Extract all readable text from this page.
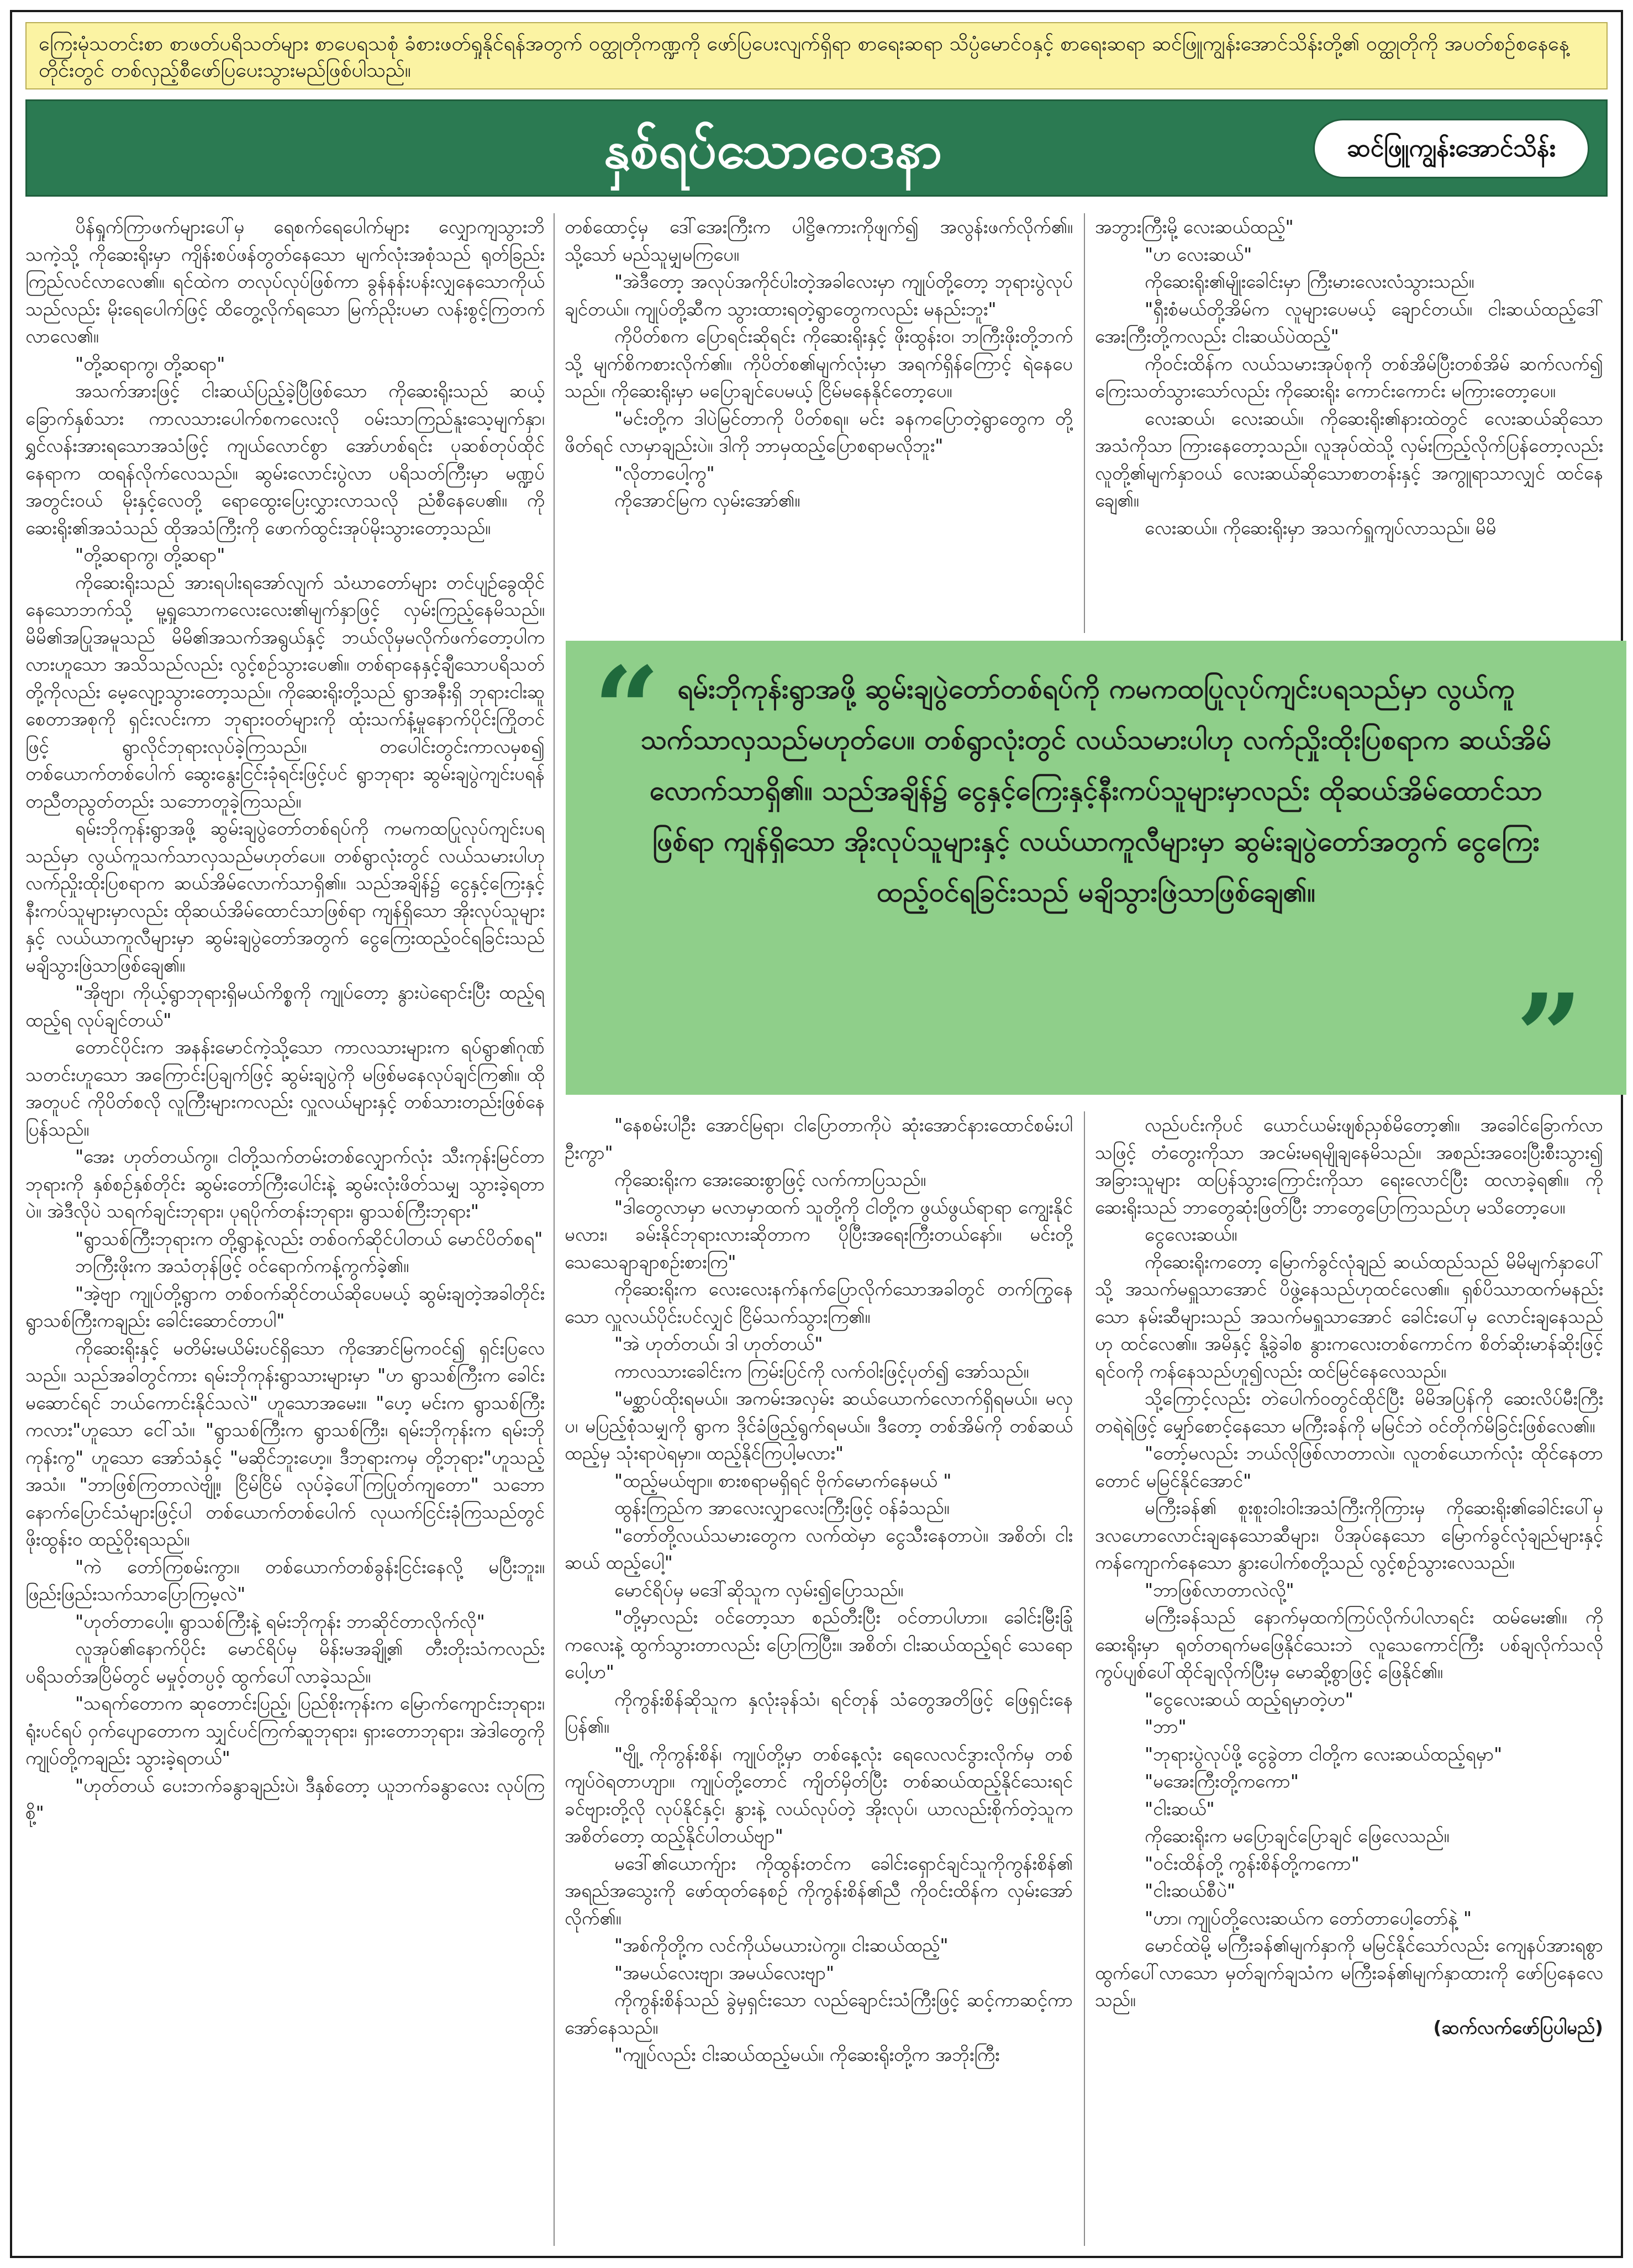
ကြေးမုံသတင်းစာ စာဖတ်ပရိသတ်များ စာပေရသစုံ ခံစားဖတ်ရှုနိုင်ရန်အတွက် ဝတ္ထုတိုကဏ္ဍကို ဖော်ပြပေးလျက်ရှိရာ စာရေးဆရာ သိပ္ပံမောင်ဝနှင့် စာရေးဆရာ ဆင်ဖြူကျွန်းအောင်သိန်းတို့၏ ဝတ္ထုတိုကို အပတ်စဉ်စနေနေ့တိုင်းတွင် တစ်လှည့်စီဖော်ပြပေးသွားမည်ဖြစ်ပါသည်။
နှစ်ရပ်သောဝေဒနာ	ဆင်ဖြူကျွန်းအောင်သိန်း

ပိန်ရှုက်ကြာဖက်များပေါ်မှ ရေစက်ရေပေါက်များ လျှောကျသွားဘိသကဲ့သို့ ကိုဆေးရိုးမှာ ကျိန်းစပ်ဖန်တွတ်နေသော မျက်လုံးအစုံသည် ရုတ်ခြည်းကြည်လင်လာလေ၏။ ရင်ထဲက တလုပ်လုပ်ဖြစ်ကာ ခွန်နန်းပန်းလျှနေသောကိုယ်သည်လည်း မိုးရေပေါက်ဖြင့် ထိတွေ့လိုက်ရသော မြက်ညိုးပမာ လန်းစွင့်ကြတက်လာလေ၏။

"တို့ဆရာကွ၊ တို့ဆရာ"

အသက်အားဖြင့် ငါးဆယ်ပြည့်ခဲ့ပြီဖြစ်သော ကိုဆေးရိုးသည် ဆယ့်ခြောက်နှစ်သား ကာလသားပေါက်စကလေးလို ဝမ်းသာကြည်နူးသေ့မျက်နှာ၊ ရွှင်လန်းအားရသောအသံဖြင့် ကျယ်လောင်စွာ အော်ဟစ်ရင်း ပုဆစ်တုပ်ထိုင်နေရာက ထရန်လိုက်လေသည်။ ဆွမ်းလောင်းပွဲလာ ပရိသတ်ကြီးမှာ မဏ္ဍပ်အတွင်းဝယ် မိုးနှင့်လေတို့ ရောထွေးပြေးလွှားလာသလို ညံစီနေပေ၏။ ကိုဆေးရိုး၏အသံသည် ထိုအသံကြီးကို ဖောက်ထွင်းအုပ်မိုးသွားတော့သည်။

"တို့ဆရာကွ၊ တို့ဆရာ"

ကိုဆေးရိုးသည် အားရပါးရအော်လျက် သံဃာတော်များ တင်ပျဉ်ခွေထိုင်နေသောဘက်သို့ မူ့ရှုသောကလေးလေး၏မျက်နှာဖြင့် လှမ်းကြည့်နေမိသည်။ မိမိ၏အပြုအမူသည် မိမိ၏အသက်အရွယ်နှင့် ဘယ်လိုမှမလိုက်ဖက်တော့ပါကလားဟူသော အသိသည်လည်း လွင့်စဉ်သွားပေ၏။ တစ်ရာနေနှင့်ချီသောပရိသတ်တို့ကိုလည်း မေ့လျော့သွားတော့သည်။ ကိုဆေးရိုးတို့သည် ရွာအနီးရှိ ဘုရားငါးဆူစေတာအစုကို ရှင်းလင်းကာ ဘုရားဝတ်များကို ထုံးသက်နံ့မှုနောက်ပိုင်းကြိုတင်ဖြင့် ရွာလိုင်ဘုရားလုပ်ခဲ့ကြသည်။ တပေါင်းတွင်းကာလမှစ၍ တစ်ယောက်တစ်ပေါက် ဆွေးနွေးငြင်းခုံရင်းဖြင့်ပင် ရွာဘုရား ဆွမ်းချပွဲကျင်းပရန် တညီတညွတ်တည်း သဘောတူခဲ့ကြသည်။

ရမ်းဘိုကုန်းရွာအဖို့ ဆွမ်းချပွဲတော်တစ်ရပ်ကို ကမကထပြုလုပ်ကျင်းပရသည်မှာ လွယ်ကူသက်သာလှသည်မဟုတ်ပေ။ တစ်ရွာလုံးတွင် လယ်သမားပါဟု လက်ညှိုးထိုးပြစရာက ဆယ်အိမ်လောက်သာရှိ၏။ သည်အချိန်၌ ငွေနှင့်ကြေးနှင့်နီးကပ်သူများမှာလည်း ထိုဆယ်အိမ်ထောင်သာဖြစ်ရာ ကျန်ရှိသော အိုးလုပ်သူများနှင့် လယ်ယာကူလီများမှာ ဆွမ်းချပွဲတော်အတွက် ငွေကြေးထည့်ဝင်ရခြင်းသည် မချိသွားဖြဲသာဖြစ်ချေ၏။

"အိုဗျာ၊ ကိုယ့်ရွာဘုရားရှိမယ်ကိစ္စကို ကျုပ်တော့ နွားပဲရောင်းပြီး ထည့်ရထည့်ရ လုပ်ချင်တယ်"

တောင်ပိုင်းက အနန်းမောင်ကဲ့သို့သော ကာလသားများက ရပ်ရွာ၏ဂုဏ်သတင်းဟူသော အကြောင်းပြချက်ဖြင့် ဆွမ်းချပွဲကို မဖြစ်မနေလုပ်ချင်ကြ၏။ ထိုအတူပင် ကိုပိတ်စလို လူကြီးများကလည်း လှူလယ်များနှင့် တစ်သားတည်းဖြစ်နေပြန်သည်။

"အေး ဟုတ်တယ်ကွ။ ငါတို့သက်တမ်းတစ်လျှောက်လုံး သီးကုန်းမြင်တာဘုရားကို နှစ်စဉ်နှစ်တိုင်း ဆွမ်းတော်ကြီးပေါင်းနဲ့ ဆွမ်းလုံးဖိတ်သမျှ သွားခဲ့ရတာပဲ။ အဲဒီလိုပဲ သရက်ချင်းဘုရား၊ ပုရပိုက်တန်းဘုရား၊ ရွာသစ်ကြီးဘုရား"

"ရွာသစ်ကြီးဘုရားက တို့ရွာနဲ့လည်း တစ်ဝက်ဆိုင်ပါတယ် မောင်ပိတ်စရ"

ဘကြီးဖိုးက အသံတုန်ဖြင့် ဝင်ရောက်ကန့်ကွက်ခဲ့၏။

"အဲ့ဗျာ ကျုပ်တို့ရွာက တစ်ဝက်ဆိုင်တယ်ဆိုပေမယ့် ဆွမ်းချတဲ့အခါတိုင်း ရွာသစ်ကြီးကချည်း ခေါင်းဆောင်တာပါ"

ကိုဆေးရိုးနှင့် မတိမ်းမယိမ်းပင်ရှိသော ကိုအောင်မြကဝင်၍ ရှင်းပြလေသည်။ သည်အခါတွင်ကား ရမ်းဘိုကုန်းရွာသားများမှာ "ဟ ရွာသစ်ကြီးက ခေါင်းမဆောင်ရင် ဘယ်ကောင်းနိုင်သလဲ" ဟူသောအမေး။ "ဟေ့ မင်းက ရွာသစ်ကြီးကလား"ဟူသော ငေါ်သံ။ "ရွာသစ်ကြီးက ရွာသစ်ကြီး၊ ရမ်းဘိုကုန်းက ရမ်းဘိုကုန်းကွ" ဟူသော အော်သံနှင့် "မဆိုင်ဘူးဟေ့။ ဒီဘုရားကမှ တို့ဘုရား"ဟူသည့်အသံ။ "ဘာဖြစ်ကြတာလဲဗျို့။ ငြိမ်ငြိမ် လုပ်ခဲ့ပေါ်ကြပြုတ်ကျတော" သဘော နောက်ပြောင်သံများဖြင့်ပါ တစ်ယောက်တစ်ပေါက် လုယက်ငြင်းခုံကြသည်တွင် ဖိုးထွန်းဝ ထည့်ဝိုးရသည်။

"ကဲ တော်ကြစမ်းကွာ။ တစ်ယောက်တစ်ခွန်းငြင်းနေလို့ မပြီးဘူး။ ဖြည်းဖြည်းသက်သာပြောကြမ့လဲ"

"ဟုတ်တာပေါ့။ ရွာသစ်ကြီးနဲ့ ရမ်းဘိုကုန်း ဘာဆိုင်တာလိုက်လို"

လူအုပ်၏နောက်ပိုင်း မောင်ရိပ်မှ မိန်းမအချို့၏ တီးတိုးသံကလည်း ပရိသတ်အပြိမ်တွင် မမှုဝ့်တပ္ပဝ့် ထွက်ပေါ်လာခဲ့သည်။

"သရက်တောက ဆုတောင်းပြည့်၊ ပြည်စိုးကုန်းက မြောက်ကျောင်းဘုရား၊ ရုံးပင်ရပ် ဝှက်ပျောတောက သျှင်ပင်ကြက်ဆူဘုရား၊ ရှားတောဘုရား၊ အဲဒါတွေကို ကျုပ်တို့ကချည်း သွားခဲ့ရတယ်"

"ဟုတ်တယ် ပေးဘက်ခနွာချည်းပဲ၊ ဒီနှစ်တော့ ယူဘက်ခနွာလေး လုပ်ကြစို့"

တစ်ထောင့်မှ ဒေါ်အေးကြီးက ပါဋ္ဌိဇကားကိုဖျက်၍ အလွန်းဖက်လိုက်၏။ သို့သော် မည်သူမျှမကြပေ။

"အဲဒီတော့ အလုပ်အကိုင်ပါးတဲ့အခါလေးမှာ ကျုပ်တို့တော့ ဘုရားပွဲလုပ်ချင်တယ်။ ကျုပ်တို့ဆီက သွားထားရတဲ့ရွာတွေကလည်း မနည်းဘူး"

ကိုပိတ်စက ပြောရင်းဆိုရင်း ကိုဆေးရိုးနှင့် ဖိုးထွန်းဝ၊ ဘကြီးဖိုးတို့ဘက်သို့ မျက်စိကစားလိုက်၏။ ကိုပိတ်စ၏မျက်လုံးမှာ အရက်ရှိန်ကြောင့် ရဲနေပေသည်။ ကိုဆေးရိုးမှာ မပြောချင်ပေမယ့် ငြိမ်မနေနိုင်တော့ပေ။

"မင်းတို့က ဒါပဲမြင်တာကို ပိတ်စရ။ မင်း ခနကပြောတဲ့ရွာတွေက တို့ဖိတ်ရင် လာမှာချည်းပဲ။ ဒါကို ဘာမှထည့်ပြောစရာမလိုဘူး"

"လိုတာပေါ့ကွ"

ကိုအောင်မြက လှမ်းအော်၏။

အဘွားကြီးမို့ လေးဆယ်ထည့်"

"ဟ လေးဆယ်"

ကိုဆေးရိုး၏မျိုးခေါင်းမှာ ကြီးမားလေးလံသွားသည်။

"ရှီးစံမယ်တို့အိမ်က လူများပေမယ့် ချောင်တယ်။ ငါးဆယ်ထည့်ဒေါ်အေးကြီးတို့ကလည်း ငါးဆယ်ပဲထည့်"

ကိုဝင်းထိန်က လယ်သမားအုပ်စုကို တစ်အိမ်ပြီးတစ်အိမ် ဆက်လက်၍ ကြေးသတ်သွားသော်လည်း ကိုဆေးရိုး ကောင်းကောင်း မကြားတော့ပေ။

လေးဆယ်၊ လေးဆယ်။ ကိုဆေးရိုး၏နားထဲတွင် လေးဆယ်ဆိုသောအသံကိုသာ ကြားနေတော့သည်။ လူအုပ်ထဲသို့ လှမ်းကြည့်လိုက်ပြန်တော့လည်း လူတို့၏မျက်နှာဝယ် လေးဆယ်ဆိုသောစာတန်းနှင့် အကွူရာသာလျှင် ထင်နေချေ၏။

လေးဆယ်။ ကိုဆေးရိုးမှာ အသက်ရှူကျပ်လာသည်။ မိမိ

“ ရမ်းဘိုကုန်းရွာအဖို့ ဆွမ်းချပွဲတော်တစ်ရပ်ကို ကမကထပြုလုပ်ကျင်းပရသည်မှာ လွယ်ကူသက်သာလှသည်မဟုတ်ပေ။ တစ်ရွာလုံးတွင် လယ်သမားပါဟု လက်ညှိုးထိုးပြစရာက ဆယ်အိမ်လောက်သာရှိ၏။ သည်အချိန်၌ ငွေနှင့်ကြေးနှင့်နီးကပ်သူများမှာလည်း ထိုဆယ်အိမ်ထောင်သာဖြစ်ရာ ကျန်ရှိသော အိုးလုပ်သူများနှင့် လယ်ယာကူလီများမှာ ဆွမ်းချပွဲတော်အတွက် ငွေကြေးထည့်ဝင်ရခြင်းသည် မချိသွားဖြဲသာဖြစ်ချေ၏။
”

"နေစမ်းပါဦး အောင်မြရာ၊ ငါပြောတာကိုပဲ ဆုံးအောင်နားထောင်စမ်းပါဦးကွာ"

ကိုဆေးရိုးက အေးဆေးစွာဖြင့် လက်ကာပြသည်။

"ဒါတွေလာမှာ မလာမှာထက် သူတို့ကို ငါတို့က ဖွယ်ဖွယ်ရာရာ ကျွေးနိုင်မလား၊ ခမ်းနိုင်ဘုရားလားဆိုတာက ပိုပြီးအရေးကြီးတယ်နော်။ မင်းတို့ သေသေချာချာစဉ်းစားကြ"

ကိုဆေးရိုးက လေးလေးနက်နက်ပြောလိုက်သောအခါတွင် တက်ကြွနေသော လှူလယ်ပိုင်းပင်လျှင် ငြိမ်သက်သွားကြ၏။

"အဲ ဟုတ်တယ်၊ ဒါ ဟုတ်တယ်"

ကာလသားခေါင်းက ကြမ်းပြင်ကို လက်ဝါးဖြင့်ပုတ်၍ အော်သည်။

"မစ္ဆာပ်ထိုးရမယ်။ အကမ်းအလှမ်း ဆယ်ယောက်လောက်ရှိရမယ်။ မလှပ၊ မပြည့်စုံသမျှကို ရွာက ဒိုင်ခံဖြည့်ရွက်ရမယ်။ ဒီတော့ တစ်အိမ်ကို တစ်ဆယ်ထည့်မှ သုံးရာပဲရမှာ။ ထည့်နိုင်ကြပါ့မလား"

"ထည့်မယ်ဗျာ။ စားစရာမရှိရင် ဗိုက်မောက်နေမယ် "

ထွန်းကြည်က အာလေးလျှာလေးကြီးဖြင့် ဝန်ခံသည်။

"တော်တို့လယ်သမားတွေက လက်ထဲမှာ ငွေသီးနေတာပဲ။ အစိတ်၊ ငါးဆယ် ထည့်ပေါ့"

မောင်ရိပ်မှ မဒေါ်ဆိုသူက လှမ်း၍ပြောသည်။

"တို့မှာလည်း ဝင်တော့သာ စည်တီးပြီး ဝင်တာပါဟာ။ ခေါင်းမြီးခြုံကလေးနဲ့ ထွက်သွားတာလည်း ပြောကြပြီး။ အစိတ်၊ ငါးဆယ်ထည့်ရင် သေရောပေါ့ဟ"

ကိုကွန်းစိန်ဆိုသူက နှလုံးခုန်သံ၊ ရင်တုန် သံတွေအတိဖြင့် ဖြေရှင်းနေပြန်၏။

"ဗျို့ ကိုကွန်းစိန်၊ ကျုပ်တို့မှာ တစ်နေ့လုံး ရေလေလင်ဒွားလိုက်မှ တစ်ကျပ်ဝဲရတာဟျာ။ ကျုပ်တို့တောင် ကျိတ်မှိတ်ပြီး တစ်ဆယ်ထည့်နိုင်သေးရင် ခင်ဗျားတို့လို လုပ်နိုင်နှင့်၊ နွားနဲ့ လယ်လုပ်တဲ့ အိုးလုပ်၊ ယာလည်းစိုက်တဲ့သူက အစိတ်တော့ ထည့်နိုင်ပါတယ်ဗျာ"

မဒေါ်၏ယောက်ျား ကိုထွန်းတင်က ခေါင်းရှောင်ချင်သူကိုကွန်းစိန်၏ အရည်အသွေးကို ဖော်ထုတ်နေစဉ် ကိုကွန်းစိန်၏ညီ ကိုဝင်းထိန်က လှမ်းအော်လိုက်၏။

"အစ်ကိုတို့က လင်ကိုယ်မယားပဲကွ။ ငါးဆယ်ထည့်"

"အမယ်လေးဗျာ၊ အမယ်လေးဗျာ"

ကိုကွန်းစိန်သည် ခွဲမှရှင်းသော လည်ချောင်းသံကြီးဖြင့် ဆင့်ကာဆင့်ကာ အော်နေသည်။

"ကျုပ်လည်း ငါးဆယ်ထည့်မယ်။ ကိုဆေးရိုးတို့က အဘိုးကြီး

လည်ပင်းကိုပင် ယောင်ယမ်းဖျစ်ညှစ်မိတော့၏။ အခေါင်ခြောက်လာသဖြင့် တံတွေးကိုသာ အငမ်းမရမျိုချနေမိသည်။ အစည်းအဝေးပြီးစီးသွား၍ အခြားသူများ ထပြန်သွားကြောင်းကိုသာ ရေးလောင်ပြီး ထလာခဲ့ရ၏။ ကိုဆေးရိုးသည် ဘာတွေဆုံးဖြတ်ပြီး ဘာတွေပြောကြသည်ဟု မသိတော့ပေ။

ငွေလေးဆယ်။

ကိုဆေးရိုးကတော့ မြောက်ခွင်လုံချည် ဆယ်ထည်သည် မိမိမျက်နှာပေါ်သို့ အသက်မရှူသာအောင် ပိဖွဲ့နေသည်ဟုထင်လေ၏။ ရှစ်ပိဿာထက်မနည်းသော နမ်းဆီများသည် အသက်မရှူသာအောင် ခေါင်းပေါ်မှ လောင်းချနေသည်ဟု ထင်လေ၏။ အမိနှင့် နို့ခွဲခါစ နွားကလေးတစ်ကောင်က စိတ်ဆိုးမာန်ဆိုးဖြင့် ရင်ဝကို ကန်နေသည်ဟူ၍လည်း ထင်မြင်နေလေသည်။

သို့ကြောင့်လည်း တဲပေါက်ဝတွင်ထိုင်ပြီး မိမိအပြန်ကို ဆေးလိပ်မီးကြီး တရဲရဲဖြင့် မျှော်စောင့်နေသော မကြီးခန်ကို မမြင်ဘဲ ဝင်တိုက်မိခြင်းဖြစ်လေ၏။

"တော့်မလည်း ဘယ်လိုဖြစ်လာတာလဲ။ လူတစ်ယောက်လုံး ထိုင်နေတာတောင် မမြင်နိုင်အောင်"

မကြီးခန်၏ စူးစူးဝါးဝါးအသံကြီးကိုကြားမှ ကိုဆေးရိုး၏ခေါင်းပေါ်မှ ဒလဟောလောင်းချနေသောဆီများ၊ ပိအုပ်နေသော မြောက်ခွင်လုံချည်များနှင့် ကန်ကျောက်နေသော နွားပေါက်စတို့သည် လွင့်စဉ်သွားလေသည်။

"ဘာဖြစ်လာတာလဲလို့"

မကြီးခန်သည် နောက်မှထက်ကြပ်လိုက်ပါလာရင်း ထမ်မေး၏။ ကိုဆေးရိုးမှာ ရုတ်တရက်မဖြေနိုင်သေးဘဲ လူသေကောင်ကြီး ပစ်ချလိုက်သလို ကွပ်ပျစ်ပေါ်ထိုင်ချလိုက်ပြီးမှ မောဆို့စွာဖြင့် ဖြေနိုင်၏။

"ငွေလေးဆယ် ထည့်ရမှာတဲ့ဟ"

"ဘာ"

"ဘုရားပွဲလုပ်ဖို့ ငွေခွဲတာ ငါတို့က လေးဆယ်ထည့်ရမှာ"

"မအေးကြီးတို့ကကော"

"ငါးဆယ်"

ကိုဆေးရိုးက မပြောချင်ပြောချင် ဖြေလေသည်။

"ဝင်းထိန်တို့ ကွန်းစိန်တို့ကကော"

"ငါးဆယ်စီပဲ"

"ဟာ၊ ကျုပ်တို့လေးဆယ်က တော်တာပေါ့တော်နဲ့ "

မောင်ထဲမို့ မကြီးခန်၏မျက်နှာကို မမြင်နိုင်သော်လည်း ကျေနပ်အားရစွာ ထွက်ပေါ်လာသော မှတ်ချက်ချသံက မကြီးခန်၏မျက်နှာထားကို ဖော်ပြနေလေသည်။

(ဆက်လက်ဖော်ပြပါမည်)
